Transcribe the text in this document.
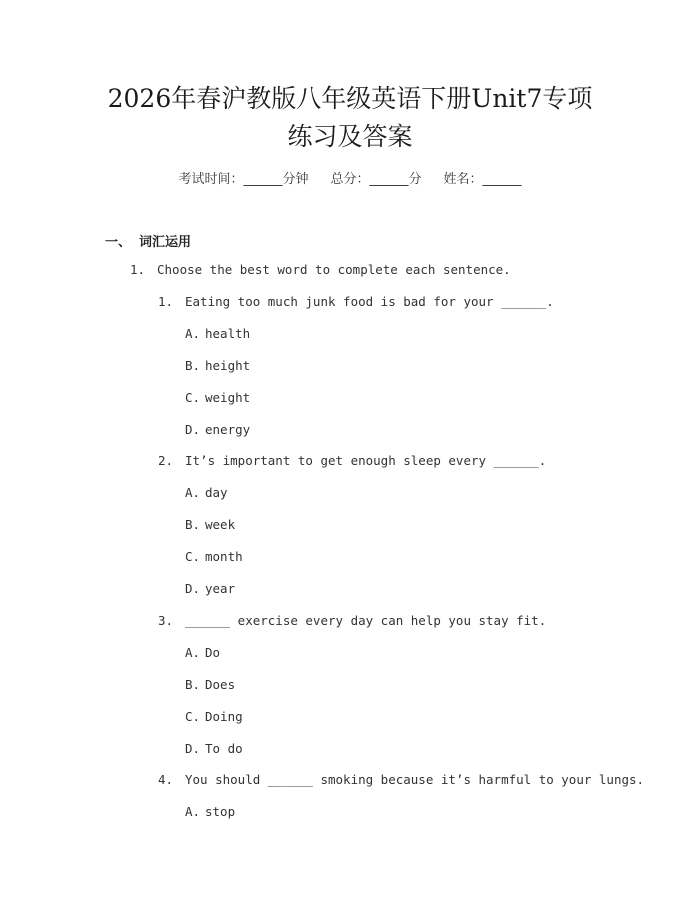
2026年春沪教版八年级英语下册Unit7专项
练习及答案
考试时间：______分钟 总分：______分 姓名：______
一、 词汇运用
1. Choose the best word to complete each sentence.
1. Eating too much junk food is bad for your ______.
A. health
B. height
C. weight
D. energy
2. It’s important to get enough sleep every ______.
A. day
B. week
C. month
D. year
3. ______ exercise every day can help you stay fit.
A. Do
B. Does
C. Doing
D. To do
4. You should ______ smoking because it’s harmful to your lungs.
A. stop
